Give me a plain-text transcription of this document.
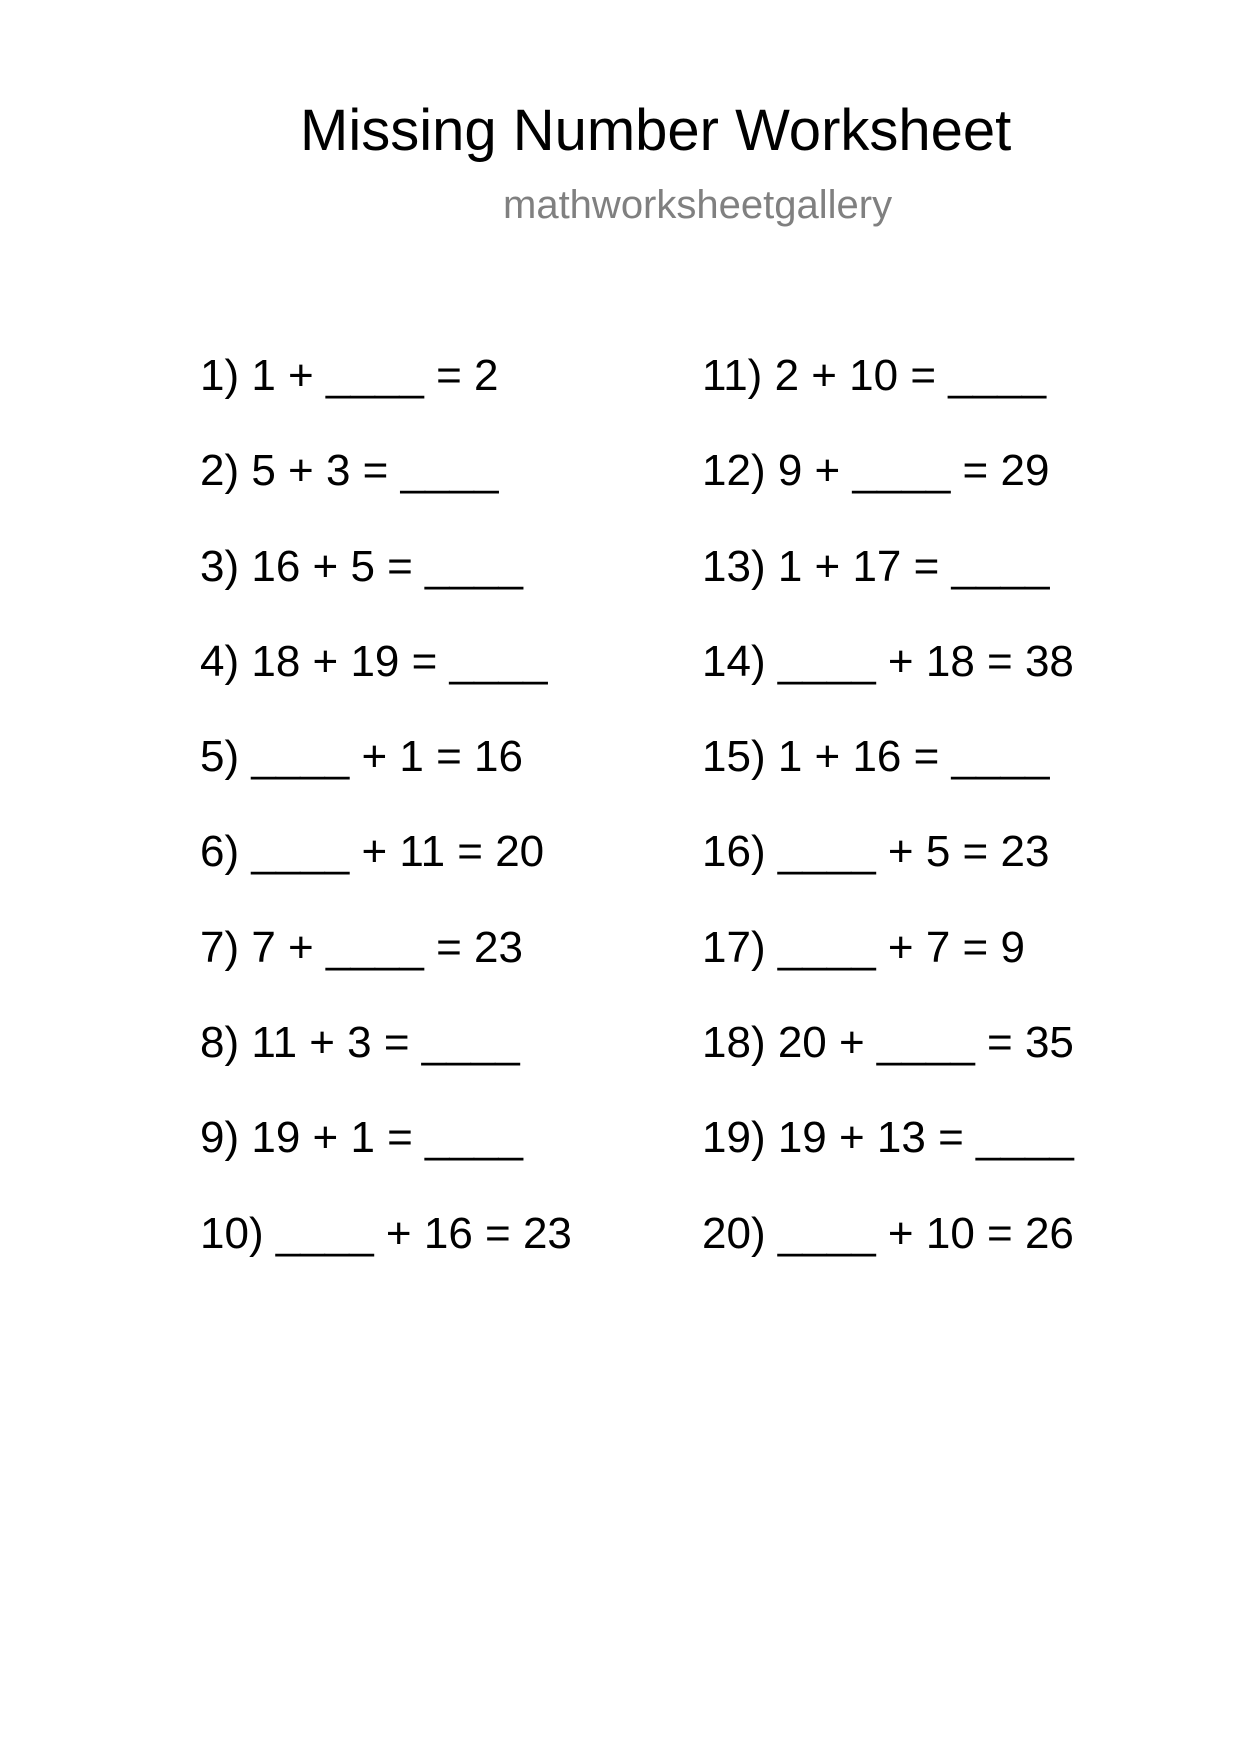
Missing Number Worksheet
mathworksheetgallery
1) 1 + ____ = 2
2) 5 + 3 = ____
3) 16 + 5 = ____
4) 18 + 19 = ____
5) ____ + 1 = 16
6) ____ + 11 = 20
7) 7 + ____ = 23
8) 11 + 3 = ____
9) 19 + 1 = ____
10) ____ + 16 = 23
11) 2 + 10 = ____
12) 9 + ____ = 29
13) 1 + 17 = ____
14) ____ + 18 = 38
15) 1 + 16 = ____
16) ____ + 5 = 23
17) ____ + 7 = 9
18) 20 + ____ = 35
19) 19 + 13 = ____
20) ____ + 10 = 26
